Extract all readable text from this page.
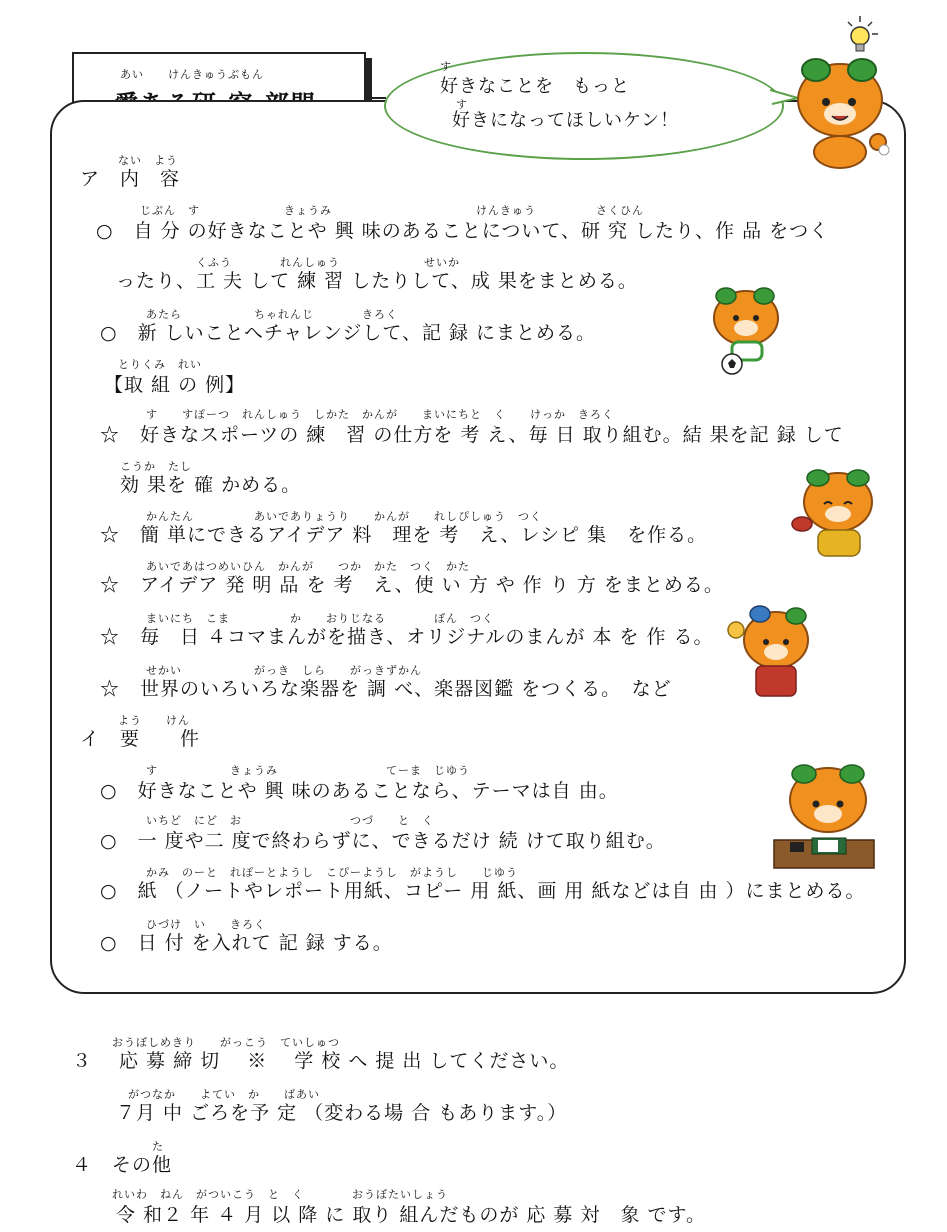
あい　　けんきゅうぶもん
す
好きなことを　もっと
す
好きになってほしいケン！
ない　よう
ア　内　容
じぶん　す　　　　　　　きょうみ　　　　　　　　　　　　けんきゅう　　　　　さくひん
○　自 分 の好きなことや 興 味のあることについて、研 究 したり、作 品 をつく
くふう　　　　れんしゅう　　　　　　　せいか
ったり、工 夫 して 練 習 したりして、成 果をまとめる。
あたら　　　　　　ちゃれんじ　　　　きろく
○　新 しいことへチャレンジして、記 録 にまとめる。
とりくみ　れい
【取 組 の 例】
す　　すぽーつ　れんしゅう　しかた　かんが　　まいにちと　く　　けっか　きろく
☆　好きなスポーツの 練　習 の仕方を 考 え、毎 日 取り組む。結 果を記 録 して
こうか　たし
効 果を 確 かめる。
かんたん　　　　　あいでありょうり　　かんが　　れしぴしゅう　つく
☆　簡 単にできるアイデア 料　理を 考　え、レシピ 集　を作る。
あいであはつめいひん　かんが　　つか　かた　つく　かた
☆　アイデア 発 明 品 を 考　え、使 い 方 や 作 り 方 をまとめる。
まいにち　こま　　　　　か　　おりじなる　　　　ぼん　つく
☆　毎　日 ４コマまんがを描き、オリジナルのまんが 本 を 作 る。
せかい　　　　　　がっき　しら　　がっきずかん
☆　世界のいろいろな楽器を 調 べ、楽器図鑑 をつくる。　など
よう　　けん
イ　要　　件
す　　　　　　きょうみ　　　　　　　　　てーま　じゆう
○　好きなことや 興 味のあることなら、テーマは自 由。
いちど　にど　お　　　　　　　　　つづ　　と　く
○　一 度や二 度で終わらずに、できるだけ 続 けて取り組む。
かみ　のーと　れぽーとようし　こぴーようし　がようし　　じゆう
○　紙 （ノートやレポート用紙、コピー 用 紙、画 用 紙などは自 由 ）にまとめる。
ひづけ　い　　きろく
○　日 付 を入れて 記 録 する。
おうぼしめきり　　がっこう　ていしゅつ
３　 応 募 締 切 　※　 学 校 へ 提 出 してください。
がつなか　　よてい　か　　ばあい
７月 中 ごろを予 定 （変わる場 合 もあります。）
た
４　その他
れいわ　ねん　がついこう　と　く　　　　おうぼたいしょう
令 和２ 年 ４ 月 以 降 に 取り 組んだものが 応 募 対　象 です。
